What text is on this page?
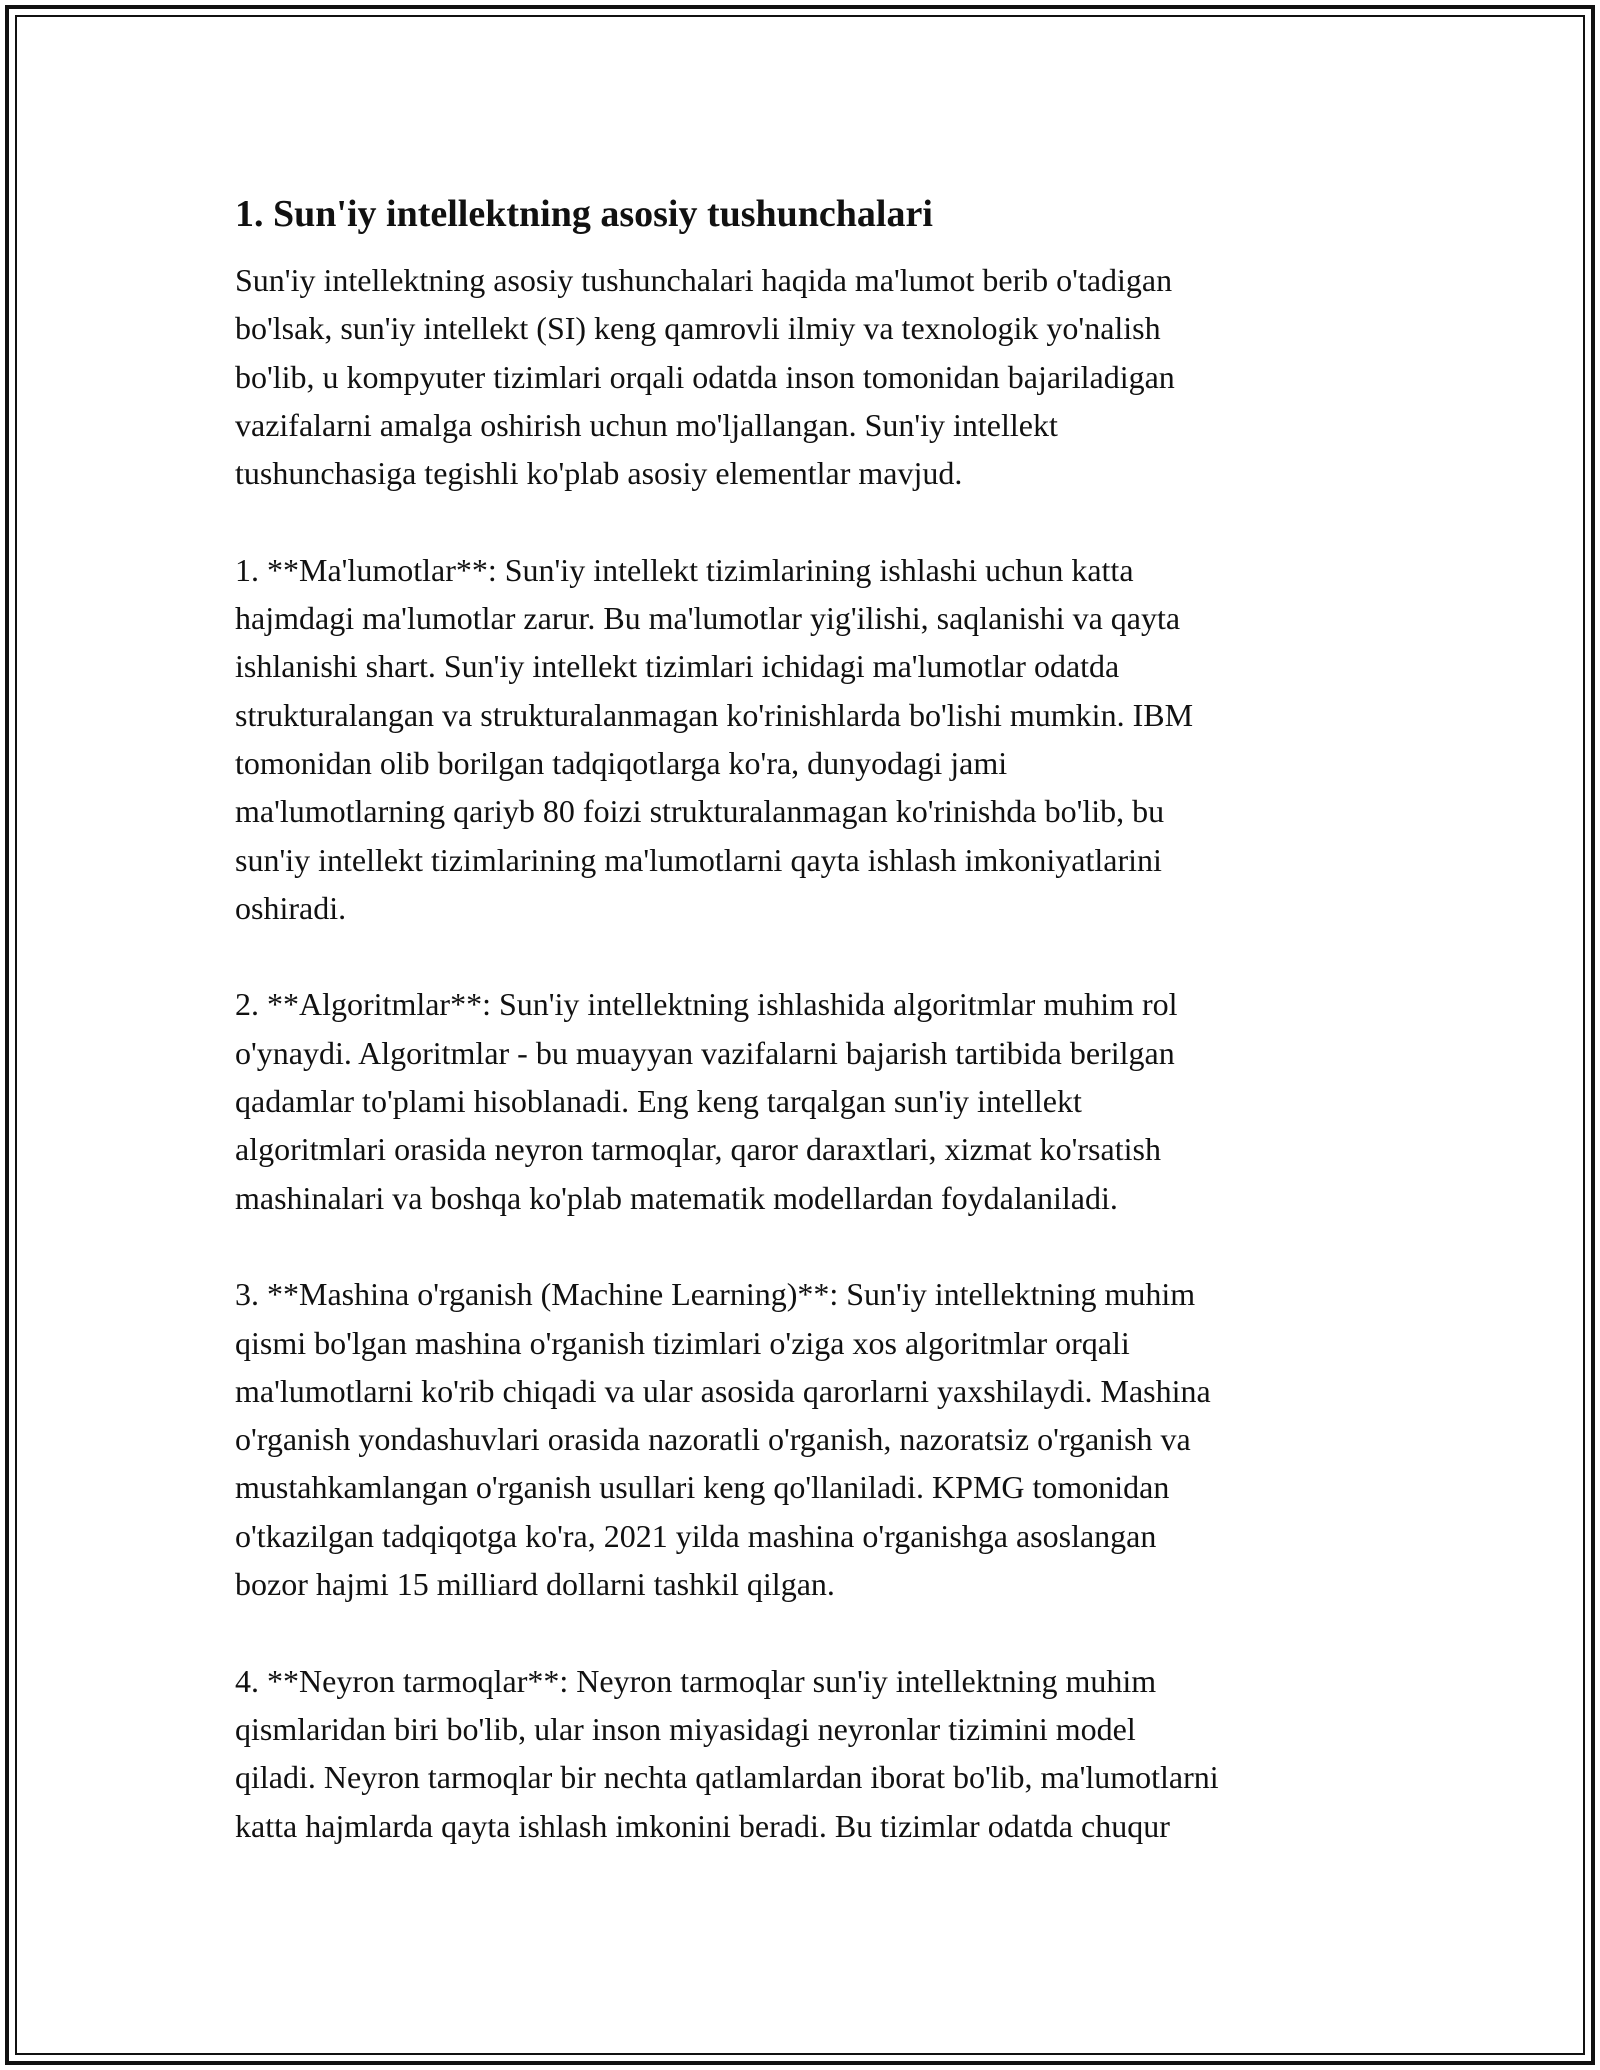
1. Sun'iy intellektning asosiy tushunchalari
Sun'iy intellektning asosiy tushunchalari haqida ma'lumot berib o'tadigan
bo'lsak, sun'iy intellekt (SI) keng qamrovli ilmiy va texnologik yo'nalish
bo'lib, u kompyuter tizimlari orqali odatda inson tomonidan bajariladigan
vazifalarni amalga oshirish uchun mo'ljallangan. Sun'iy intellekt
tushunchasiga tegishli ko'plab asosiy elementlar mavjud.
1. **Ma'lumotlar**: Sun'iy intellekt tizimlarining ishlashi uchun katta
hajmdagi ma'lumotlar zarur. Bu ma'lumotlar yig'ilishi, saqlanishi va qayta
ishlanishi shart. Sun'iy intellekt tizimlari ichidagi ma'lumotlar odatda
strukturalangan va strukturalanmagan ko'rinishlarda bo'lishi mumkin. IBM
tomonidan olib borilgan tadqiqotlarga ko'ra, dunyodagi jami
ma'lumotlarning qariyb 80 foizi strukturalanmagan ko'rinishda bo'lib, bu
sun'iy intellekt tizimlarining ma'lumotlarni qayta ishlash imkoniyatlarini
oshiradi.
2. **Algoritmlar**: Sun'iy intellektning ishlashida algoritmlar muhim rol
o'ynaydi. Algoritmlar - bu muayyan vazifalarni bajarish tartibida berilgan
qadamlar to'plami hisoblanadi. Eng keng tarqalgan sun'iy intellekt
algoritmlari orasida neyron tarmoqlar, qaror daraxtlari, xizmat ko'rsatish
mashinalari va boshqa ko'plab matematik modellardan foydalaniladi.
3. **Mashina o'rganish (Machine Learning)**: Sun'iy intellektning muhim
qismi bo'lgan mashina o'rganish tizimlari o'ziga xos algoritmlar orqali
ma'lumotlarni ko'rib chiqadi va ular asosida qarorlarni yaxshilaydi. Mashina
o'rganish yondashuvlari orasida nazoratli o'rganish, nazoratsiz o'rganish va
mustahkamlangan o'rganish usullari keng qo'llaniladi. KPMG tomonidan
o'tkazilgan tadqiqotga ko'ra, 2021 yilda mashina o'rganishga asoslangan
bozor hajmi 15 milliard dollarni tashkil qilgan.
4. **Neyron tarmoqlar**: Neyron tarmoqlar sun'iy intellektning muhim
qismlaridan biri bo'lib, ular inson miyasidagi neyronlar tizimini model
qiladi. Neyron tarmoqlar bir nechta qatlamlardan iborat bo'lib, ma'lumotlarni
katta hajmlarda qayta ishlash imkonini beradi. Bu tizimlar odatda chuqur
